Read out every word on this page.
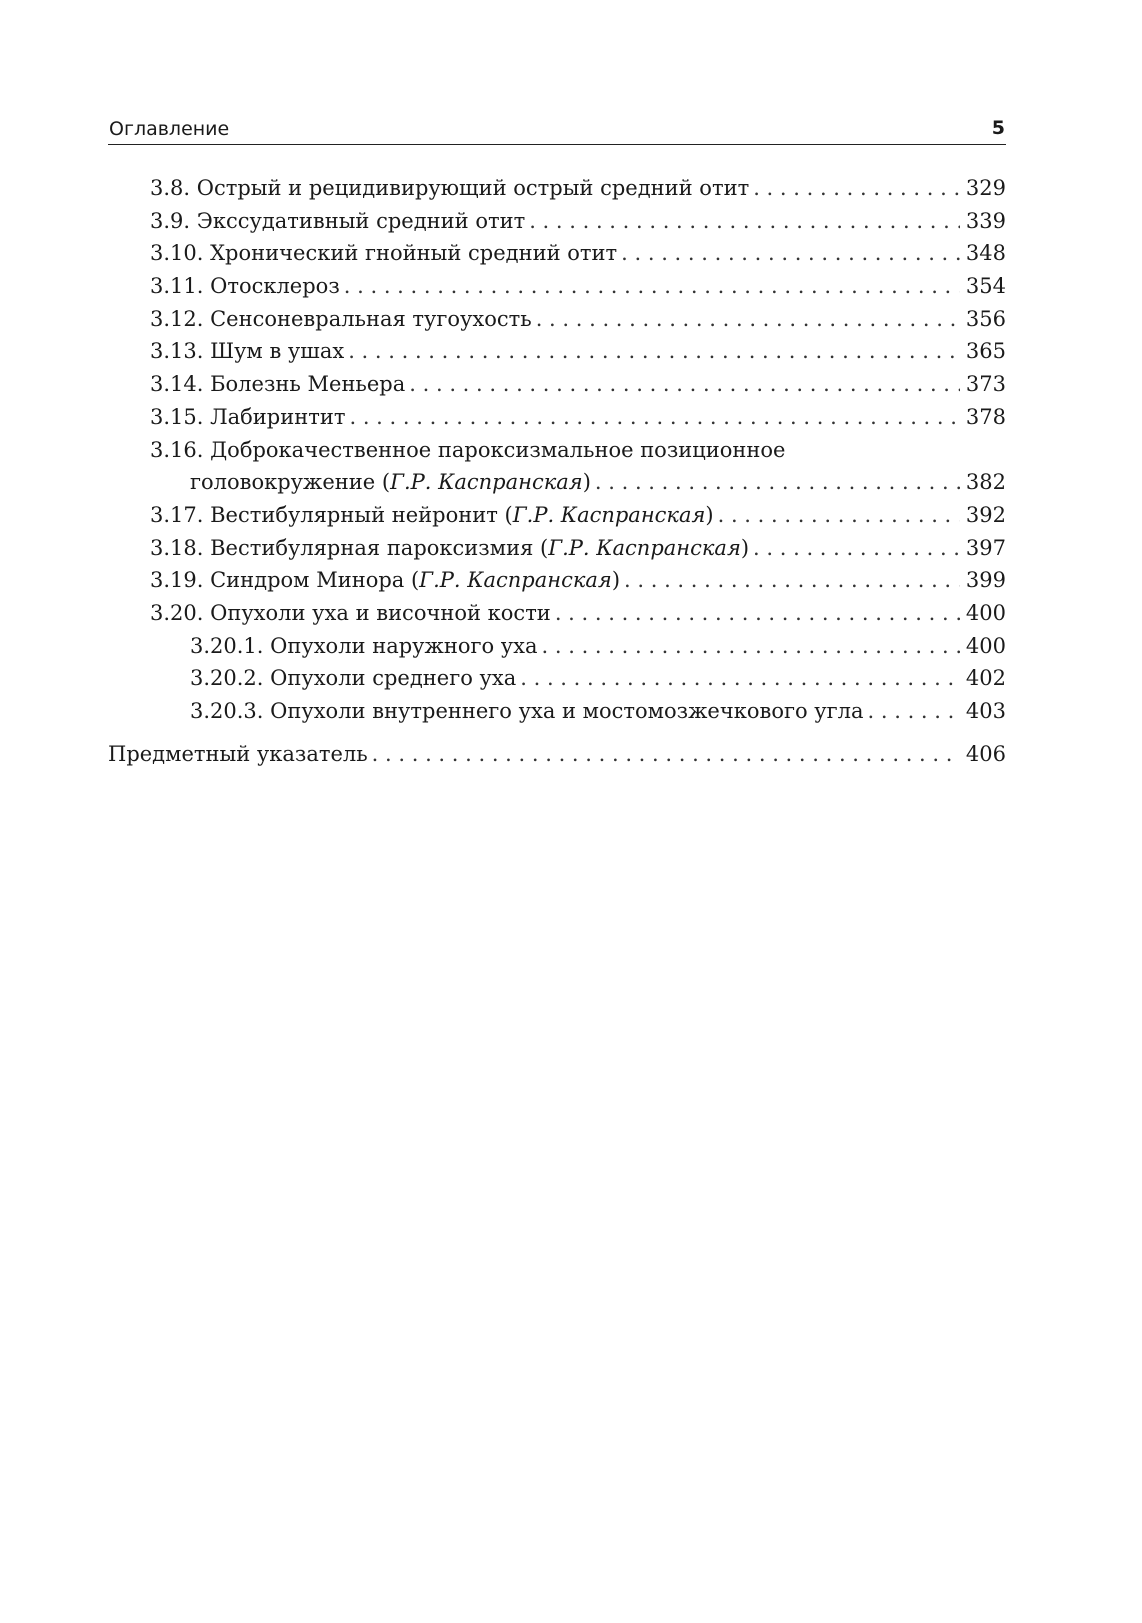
Оглавление	5
3.8. Острый и рецидивирующий острый средний отит . . .	329
3.9. Экссудативный средний отит . . .	339
3.10. Хронический гнойный средний отит . . .	348
3.11. Отосклероз . . .	354
3.12. Сенсоневральная тугоухость . . .	356
3.13. Шум в ушах . . .	365
3.14. Болезнь Меньера . . .	373
3.15. Лабиринтит . . .	378
3.16. Доброкачественное пароксизмальное позиционное
головокружение (Г.Р. Каспранская) . . .	382
3.17. Вестибулярный нейронит (Г.Р. Каспранская) . . .	392
3.18. Вестибулярная пароксизмия (Г.Р. Каспранская) . . .	397
3.19. Синдром Минора (Г.Р. Каспранская) . . .	399
3.20. Опухоли уха и височной кости . . .	400
3.20.1. Опухоли наружного уха . . .	400
3.20.2. Опухоли среднего уха . . .	402
3.20.3. Опухоли внутреннего уха и мостомозжечкового угла . . .	403
Предметный указатель . . .	406
